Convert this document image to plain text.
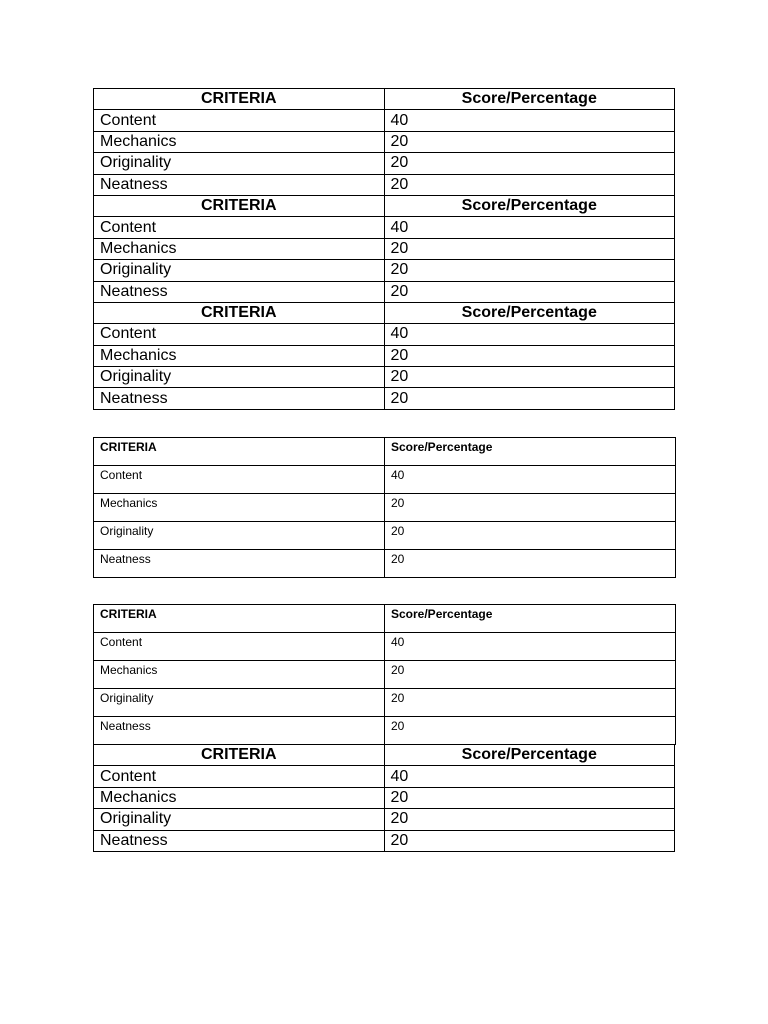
CRITERIA	Score/Percentage
Content	40
Mechanics	20
Originality	20
Neatness	20
CRITERIA	Score/Percentage
Content	40
Mechanics	20
Originality	20
Neatness	20
CRITERIA	Score/Percentage
Content	40
Mechanics	20
Originality	20
Neatness	20
CRITERIA	Score/Percentage
Content	40
Mechanics	20
Originality	20
Neatness	20
CRITERIA	Score/Percentage
Content	40
Mechanics	20
Originality	20
Neatness	20
CRITERIA	Score/Percentage
Content	40
Mechanics	20
Originality	20
Neatness	20
